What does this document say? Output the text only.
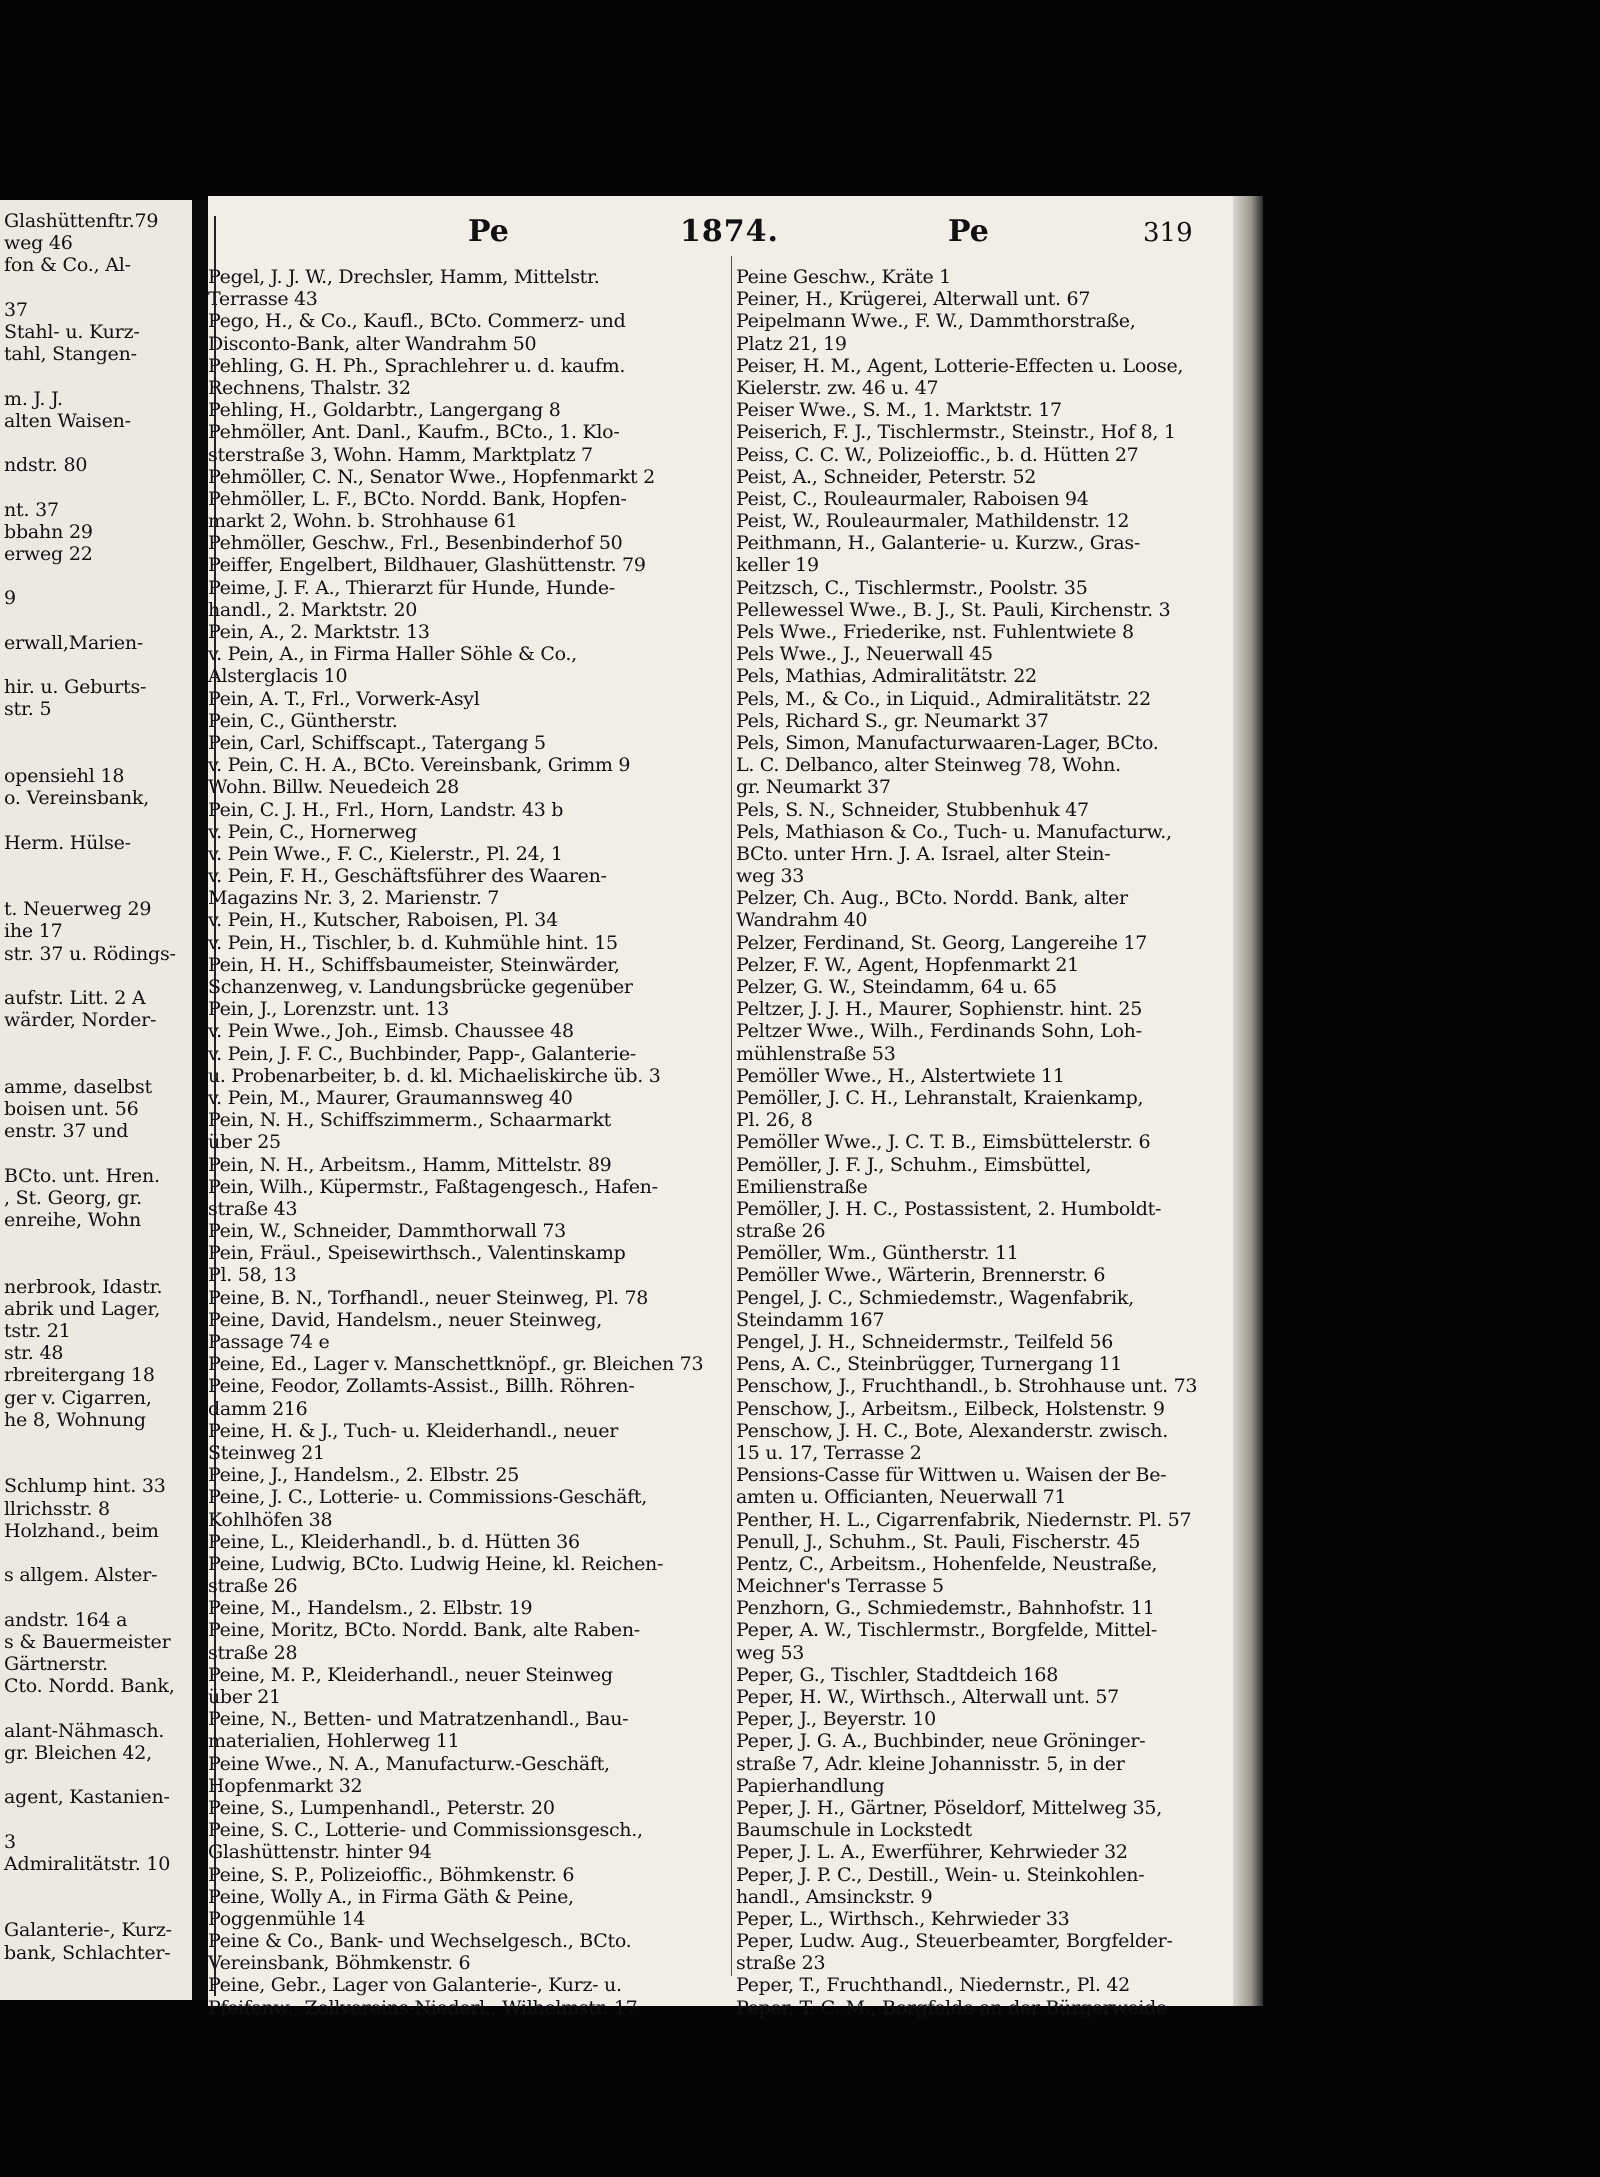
Glashüttenftr.79
weg 46
fon & Co., Al-
37
Stahl- u. Kurz-
tahl, Stangen-
m. J. J.
alten Waisen-
ndstr. 80
nt. 37
bbahn 29
erweg 22
9
erwall,Marien-
hir. u. Geburts-
str. 5
opensiehl 18
o. Vereinsbank,
Herm. Hülse-
t. Neuerweg 29
ihe 17
str. 37 u. Rödings-
aufstr. Litt. 2 A
wärder, Norder-
amme, daselbst
boisen unt. 56
enstr. 37 und
BCto. unt. Hren.
, St. Georg, gr.
enreihe, Wohn
nerbrook, Idastr.
abrik und Lager,
tstr. 21
str. 48
rbreitergang 18
ger v. Cigarren,
he 8, Wohnung
Schlump hint. 33
llrichsstr. 8
Holzhand., beim
s allgem. Alster-
andstr. 164 a
s & Bauermeister
Gärtnerstr.
Cto. Nordd. Bank,
alant-Nähmasch.
gr. Bleichen 42,
agent, Kastanien-
3
Admiralitätstr. 10
Galanterie-, Kurz-
bank, Schlachter-
Pe	1874.	Pe	319
Pegel, J. J. W., Drechsler, Hamm, Mittelstr.
Terrasse 43
Pego, H., & Co., Kaufl., BCto. Commerz- und
Disconto-Bank, alter Wandrahm 50
Pehling, G. H. Ph., Sprachlehrer u. d. kaufm.
Rechnens, Thalstr. 32
Pehling, H., Goldarbtr., Langergang 8
Pehmöller, Ant. Danl., Kaufm., BCto., 1. Klo-
sterstraße 3, Wohn. Hamm, Marktplatz 7
Pehmöller, C. N., Senator Wwe., Hopfenmarkt 2
Pehmöller, L. F., BCto. Nordd. Bank, Hopfen-
markt 2, Wohn. b. Strohhause 61
Pehmöller, Geschw., Frl., Besenbinderhof 50
Peiffer, Engelbert, Bildhauer, Glashüttenstr. 79
Peime, J. F. A., Thierarzt für Hunde, Hunde-
handl., 2. Marktstr. 20
Pein, A., 2. Marktstr. 13
v. Pein, A., in Firma Haller Söhle & Co.,
Alsterglacis 10
Pein, A. T., Frl., Vorwerk-Asyl
Pein, C., Güntherstr.
Pein, Carl, Schiffscapt., Tatergang 5
v. Pein, C. H. A., BCto. Vereinsbank, Grimm 9
Wohn. Billw. Neuedeich 28
Pein, C. J. H., Frl., Horn, Landstr. 43 b
v. Pein, C., Hornerweg
v. Pein Wwe., F. C., Kielerstr., Pl. 24, 1
v. Pein, F. H., Geschäftsführer des Waaren-
Magazins Nr. 3, 2. Marienstr. 7
v. Pein, H., Kutscher, Raboisen, Pl. 34
v. Pein, H., Tischler, b. d. Kuhmühle hint. 15
Pein, H. H., Schiffsbaumeister, Steinwärder,
Schanzenweg, v. Landungsbrücke gegenüber
Pein, J., Lorenzstr. unt. 13
v. Pein Wwe., Joh., Eimsb. Chaussee 48
v. Pein, J. F. C., Buchbinder, Papp-, Galanterie-
u. Probenarbeiter, b. d. kl. Michaeliskirche üb. 3
v. Pein, M., Maurer, Graumannsweg 40
Pein, N. H., Schiffszimmerm., Schaarmarkt
über 25
Pein, N. H., Arbeitsm., Hamm, Mittelstr. 89
Pein, Wilh., Küpermstr., Faßtagengesch., Hafen-
straße 43
Pein, W., Schneider, Dammthorwall 73
Pein, Fräul., Speisewirthsch., Valentinskamp
Pl. 58, 13
Peine, B. N., Torfhandl., neuer Steinweg, Pl. 78
Peine, David, Handelsm., neuer Steinweg,
Passage 74 e
Peine, Ed., Lager v. Manschettknöpf., gr. Bleichen 73
Peine, Feodor, Zollamts-Assist., Billh. Röhren-
damm 216
Peine, H. & J., Tuch- u. Kleiderhandl., neuer
Steinweg 21
Peine, J., Handelsm., 2. Elbstr. 25
Peine, J. C., Lotterie- u. Commissions-Geschäft,
Kohlhöfen 38
Peine, L., Kleiderhandl., b. d. Hütten 36
Peine, Ludwig, BCto. Ludwig Heine, kl. Reichen-
straße 26
Peine, M., Handelsm., 2. Elbstr. 19
Peine, Moritz, BCto. Nordd. Bank, alte Raben-
straße 28
Peine, M. P., Kleiderhandl., neuer Steinweg
über 21
Peine, N., Betten- und Matratzenhandl., Bau-
materialien, Hohlerweg 11
Peine Wwe., N. A., Manufacturw.-Geschäft,
Hopfenmarkt 32
Peine, S., Lumpenhandl., Peterstr. 20
Peine, S. C., Lotterie- und Commissionsgesch.,
Glashüttenstr. hinter 94
Peine, S. P., Polizeioffic., Böhmkenstr. 6
Peine, Wolly A., in Firma Gäth & Peine,
Poggenmühle 14
Peine & Co., Bank- und Wechselgesch., BCto.
Vereinsbank, Böhmkenstr. 6
Peine, Gebr., Lager von Galanterie-, Kurz- u.
Pfeifenw., Zollvereins-Niederl., Wilhelmstr. 17
Peine Geschw., Kräte 1
Peiner, H., Krügerei, Alterwall unt. 67
Peipelmann Wwe., F. W., Dammthorstraße,
Platz 21, 19
Peiser, H. M., Agent, Lotterie-Effecten u. Loose,
Kielerstr. zw. 46 u. 47
Peiser Wwe., S. M., 1. Marktstr. 17
Peiserich, F. J., Tischlermstr., Steinstr., Hof 8, 1
Peiss, C. C. W., Polizeioffic., b. d. Hütten 27
Peist, A., Schneider, Peterstr. 52
Peist, C., Rouleaurmaler, Raboisen 94
Peist, W., Rouleaurmaler, Mathildenstr. 12
Peithmann, H., Galanterie- u. Kurzw., Gras-
keller 19
Peitzsch, C., Tischlermstr., Poolstr. 35
Pellewessel Wwe., B. J., St. Pauli, Kirchenstr. 3
Pels Wwe., Friederike, nst. Fuhlentwiete 8
Pels Wwe., J., Neuerwall 45
Pels, Mathias, Admiralitätstr. 22
Pels, M., & Co., in Liquid., Admiralitätstr. 22
Pels, Richard S., gr. Neumarkt 37
Pels, Simon, Manufacturwaaren-Lager, BCto.
L. C. Delbanco, alter Steinweg 78, Wohn.
gr. Neumarkt 37
Pels, S. N., Schneider, Stubbenhuk 47
Pels, Mathiason & Co., Tuch- u. Manufacturw.,
BCto. unter Hrn. J. A. Israel, alter Stein-
weg 33
Pelzer, Ch. Aug., BCto. Nordd. Bank, alter
Wandrahm 40
Pelzer, Ferdinand, St. Georg, Langereihe 17
Pelzer, F. W., Agent, Hopfenmarkt 21
Pelzer, G. W., Steindamm, 64 u. 65
Peltzer, J. J. H., Maurer, Sophienstr. hint. 25
Peltzer Wwe., Wilh., Ferdinands Sohn, Loh-
mühlenstraße 53
Pemöller Wwe., H., Alstertwiete 11
Pemöller, J. C. H., Lehranstalt, Kraienkamp,
Pl. 26, 8
Pemöller Wwe., J. C. T. B., Eimsbüttelerstr. 6
Pemöller, J. F. J., Schuhm., Eimsbüttel,
Emilienstraße
Pemöller, J. H. C., Postassistent, 2. Humboldt-
straße 26
Pemöller, Wm., Güntherstr. 11
Pemöller Wwe., Wärterin, Brennerstr. 6
Pengel, J. C., Schmiedemstr., Wagenfabrik,
Steindamm 167
Pengel, J. H., Schneidermstr., Teilfeld 56
Pens, A. C., Steinbrügger, Turnergang 11
Penschow, J., Fruchthandl., b. Strohhause unt. 73
Penschow, J., Arbeitsm., Eilbeck, Holstenstr. 9
Penschow, J. H. C., Bote, Alexanderstr. zwisch.
15 u. 17, Terrasse 2
Pensions-Casse für Wittwen u. Waisen der Be-
amten u. Officianten, Neuerwall 71
Penther, H. L., Cigarrenfabrik, Niedernstr. Pl. 57
Penull, J., Schuhm., St. Pauli, Fischerstr. 45
Pentz, C., Arbeitsm., Hohenfelde, Neustraße,
Meichner's Terrasse 5
Penzhorn, G., Schmiedemstr., Bahnhofstr. 11
Peper, A. W., Tischlermstr., Borgfelde, Mittel-
weg 53
Peper, G., Tischler, Stadtdeich 168
Peper, H. W., Wirthsch., Alterwall unt. 57
Peper, J., Beyerstr. 10
Peper, J. G. A., Buchbinder, neue Gröninger-
straße 7, Adr. kleine Johannisstr. 5, in der
Papierhandlung
Peper, J. H., Gärtner, Pöseldorf, Mittelweg 35,
Baumschule in Lockstedt
Peper, J. L. A., Ewerführer, Kehrwieder 32
Peper, J. P. C., Destill., Wein- u. Steinkohlen-
handl., Amsinckstr. 9
Peper, L., Wirthsch., Kehrwieder 33
Peper, Ludw. Aug., Steuerbeamter, Borgfelder-
straße 23
Peper, T., Fruchthandl., Niedernstr., Pl. 42
Peper, T. C. M., Borgfelde an der Bürgerweide
